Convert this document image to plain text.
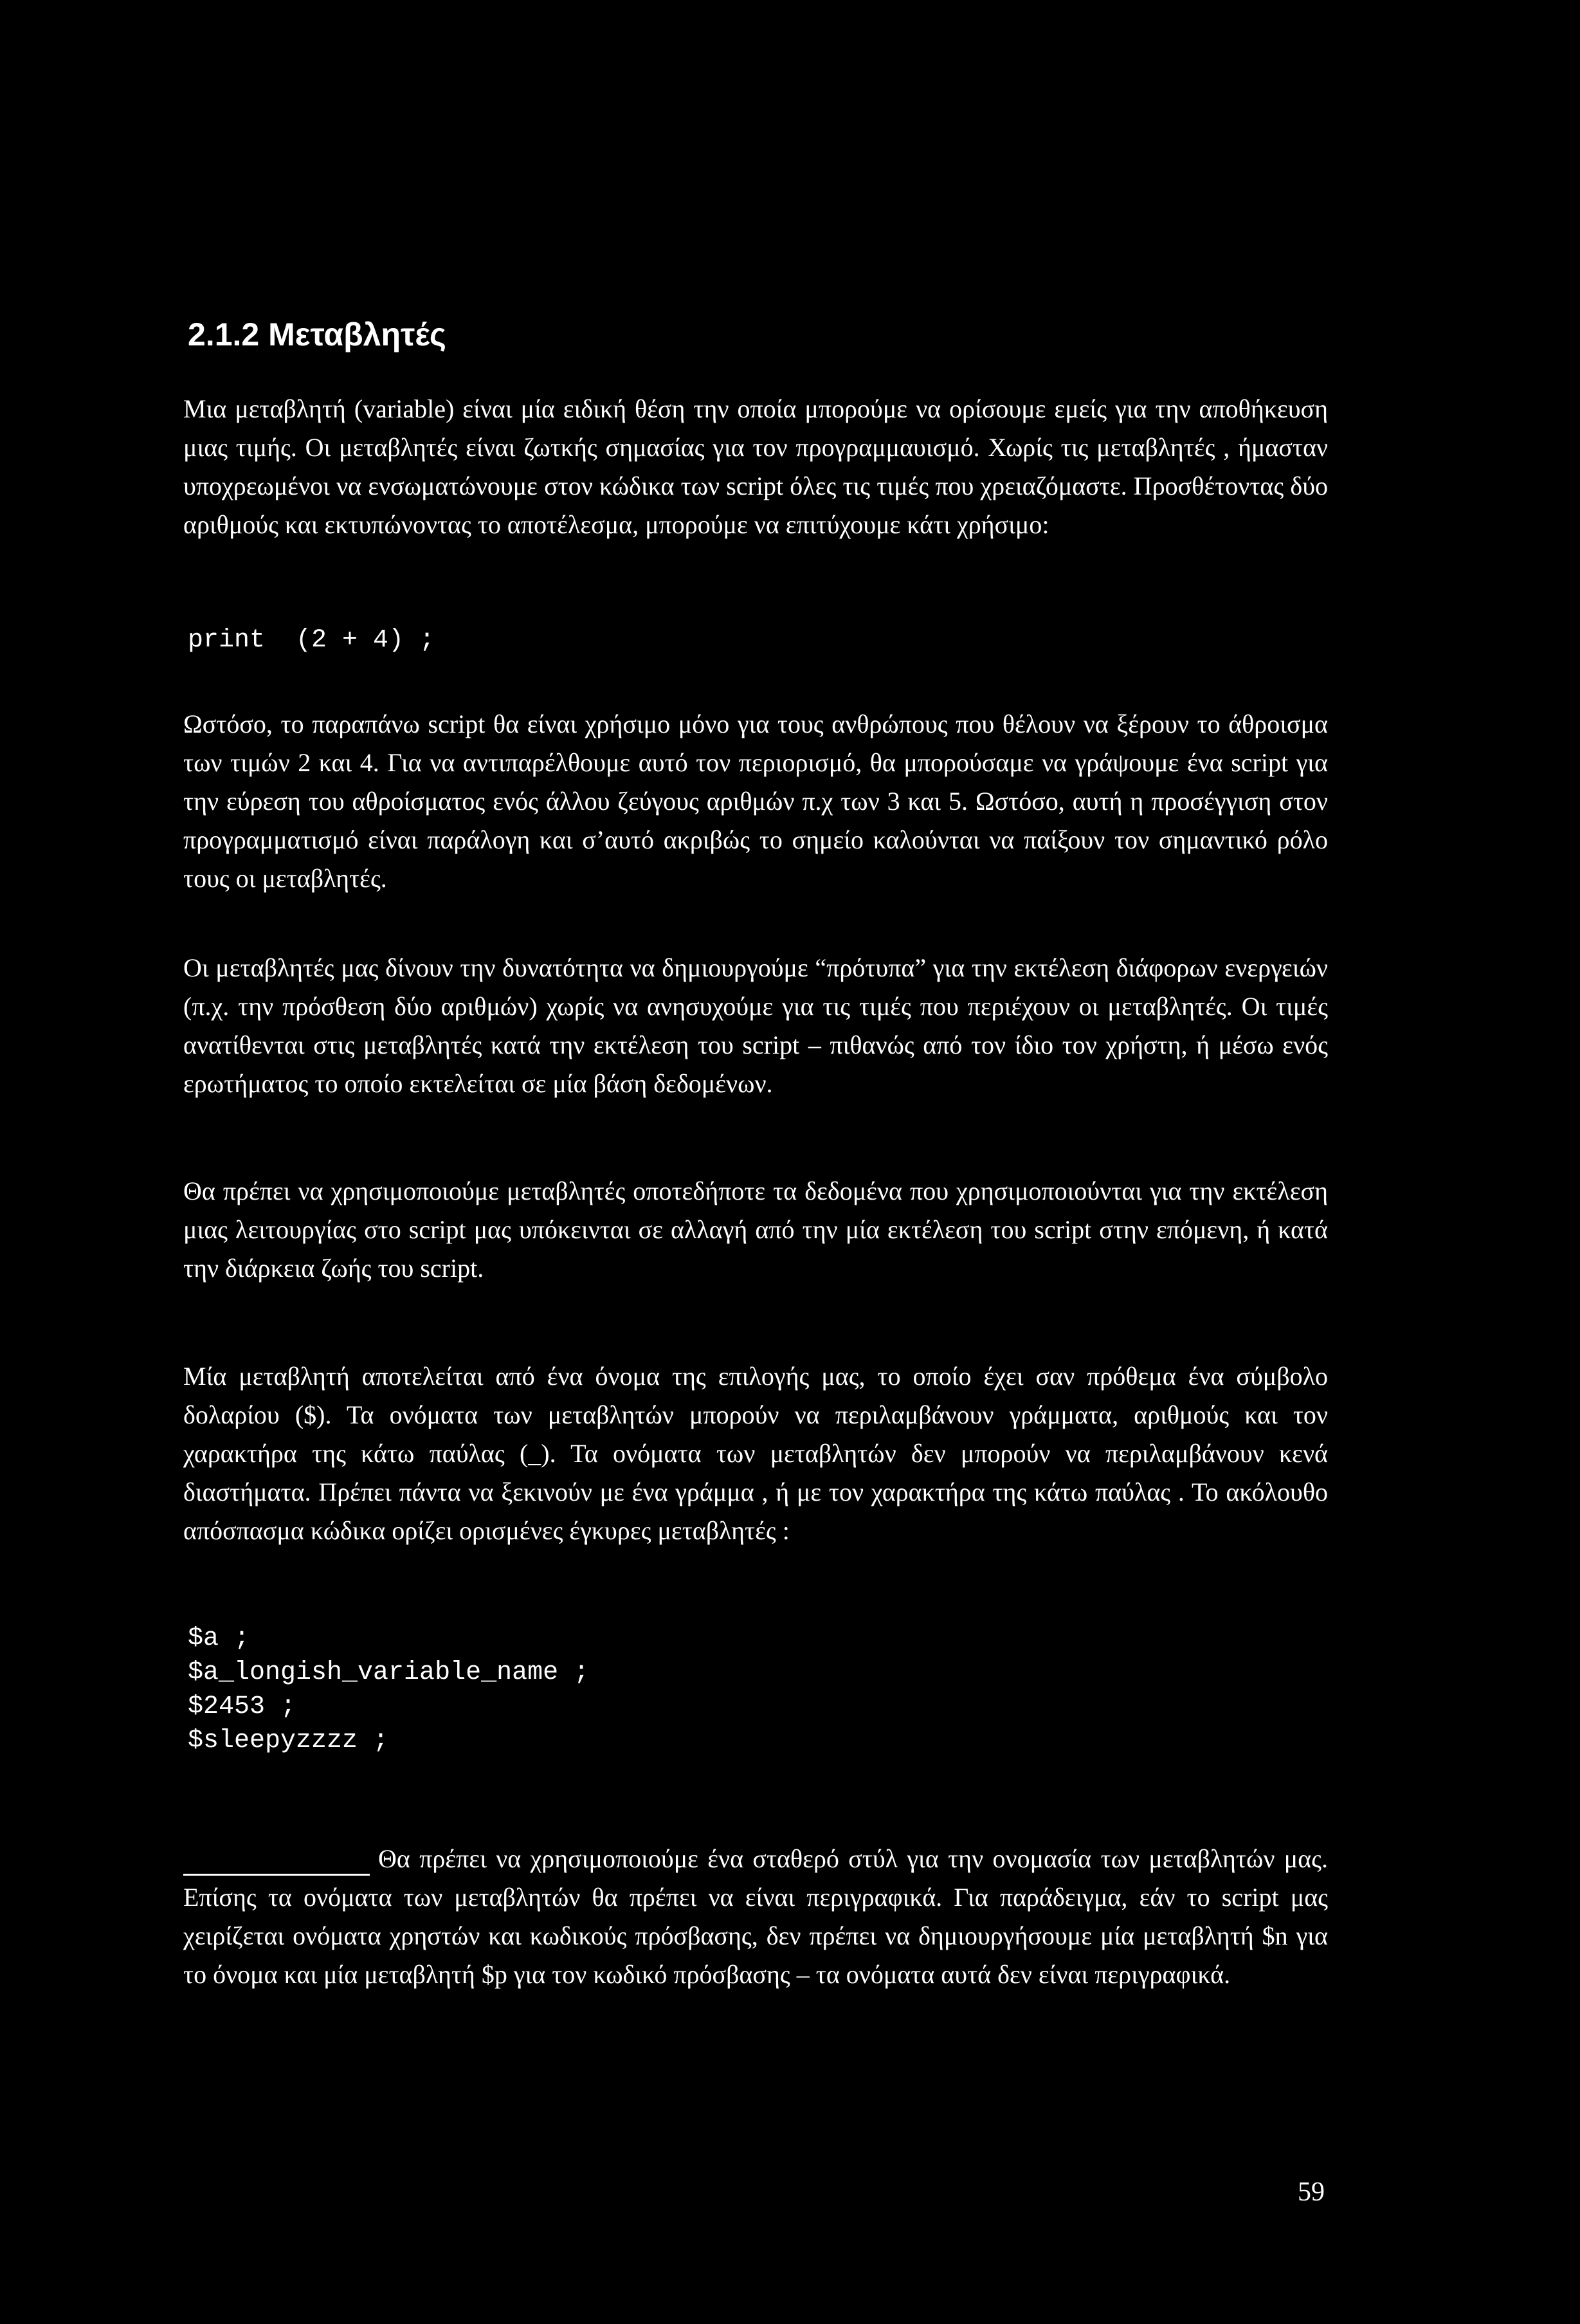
2.1.2 Μεταβλητές

Μια μεταβλητή (variable) είναι μία ειδική θέση την οποία μπορούμε να ορίσουμε εμείς για την αποθήκευση μιας τιμής. Οι μεταβλητές είναι ζωτκής σημασίας για τον προγραμμαυισμό. Χωρίς τις μεταβλητές , ήμασταν υποχρεωμένοι να ενσωματώνουμε στον κώδικα των script όλες τις τιμές που χρειαζόμαστε. Προσθέτοντας δύο αριθμούς και εκτυπώνοντας το αποτέλεσμα, μπορούμε να επιτύχουμε κάτι χρήσιμο:

print  (2 + 4) ;

Ωστόσο, το παραπάνω script θα είναι χρήσιμο μόνο για τους ανθρώπους που θέλουν να ξέρουν το άθροισμα των τιμών 2 και 4. Για να αντιπαρέλθουμε αυτό τον περιορισμό, θα μπορούσαμε να γράψουμε ένα script για την εύρεση του αθροίσματος ενός άλλου ζεύγους αριθμών π.χ των 3 και 5. Ωστόσο, αυτή η προσέγγιση στον προγραμματισμό είναι παράλογη και σ’αυτό ακριβώς το σημείο καλούνται να παίξουν τον σημαντικό ρόλο τους οι μεταβλητές.

Οι μεταβλητές μας δίνουν την δυνατότητα να δημιουργούμε “πρότυπα” για την εκτέλεση διάφορων ενεργειών (π.χ. την πρόσθεση δύο αριθμών) χωρίς να ανησυχούμε για τις τιμές που περιέχουν οι μεταβλητές. Οι τιμές ανατίθενται στις μεταβλητές κατά την εκτέλεση του script – πιθανώς από τον ίδιο τον χρήστη, ή μέσω ενός ερωτήματος το οποίο εκτελείται σε μία βάση δεδομένων.

Θα πρέπει να χρησιμοποιούμε μεταβλητές οποτεδήποτε τα δεδομένα που χρησιμοποιούνται για την εκτέλεση μιας λειτουργίας στο script μας υπόκεινται σε αλλαγή από την μία εκτέλεση του script στην επόμενη, ή κατά την διάρκεια ζωής του script.

Μία μεταβλητή αποτελείται από ένα όνομα της επιλογής μας, το οποίο έχει σαν πρόθεμα ένα σύμβολο δολαρίου ($). Τα ονόματα των μεταβλητών μπορούν να περιλαμβάνουν γράμματα, αριθμούς και τον χαρακτήρα της κάτω παύλας (_). Τα ονόματα των μεταβλητών δεν μπορούν να περιλαμβάνουν κενά διαστήματα. Πρέπει πάντα να ξεκινούν με ένα γράμμα , ή με τον χαρακτήρα της κάτω παύλας . Το ακόλουθο απόσπασμα κώδικα ορίζει ορισμένες έγκυρες μεταβλητές :

$a ;
$a_longish_variable_name ;
$2453 ;
$sleepyzzzz ;

Θα πρέπει να χρησιμοποιούμε ένα σταθερό στύλ για την ονομασία των μεταβλητών μας. Επίσης τα ονόματα των μεταβλητών θα πρέπει να είναι περιγραφικά. Για παράδειγμα, εάν το script μας χειρίζεται ονόματα χρηστών και κωδικούς πρόσβασης, δεν πρέπει να δημιουργήσουμε μία μεταβλητή $n για το όνομα και μία μεταβλητή $p για τον κωδικό πρόσβασης – τα ονόματα αυτά δεν είναι περιγραφικά.

59
